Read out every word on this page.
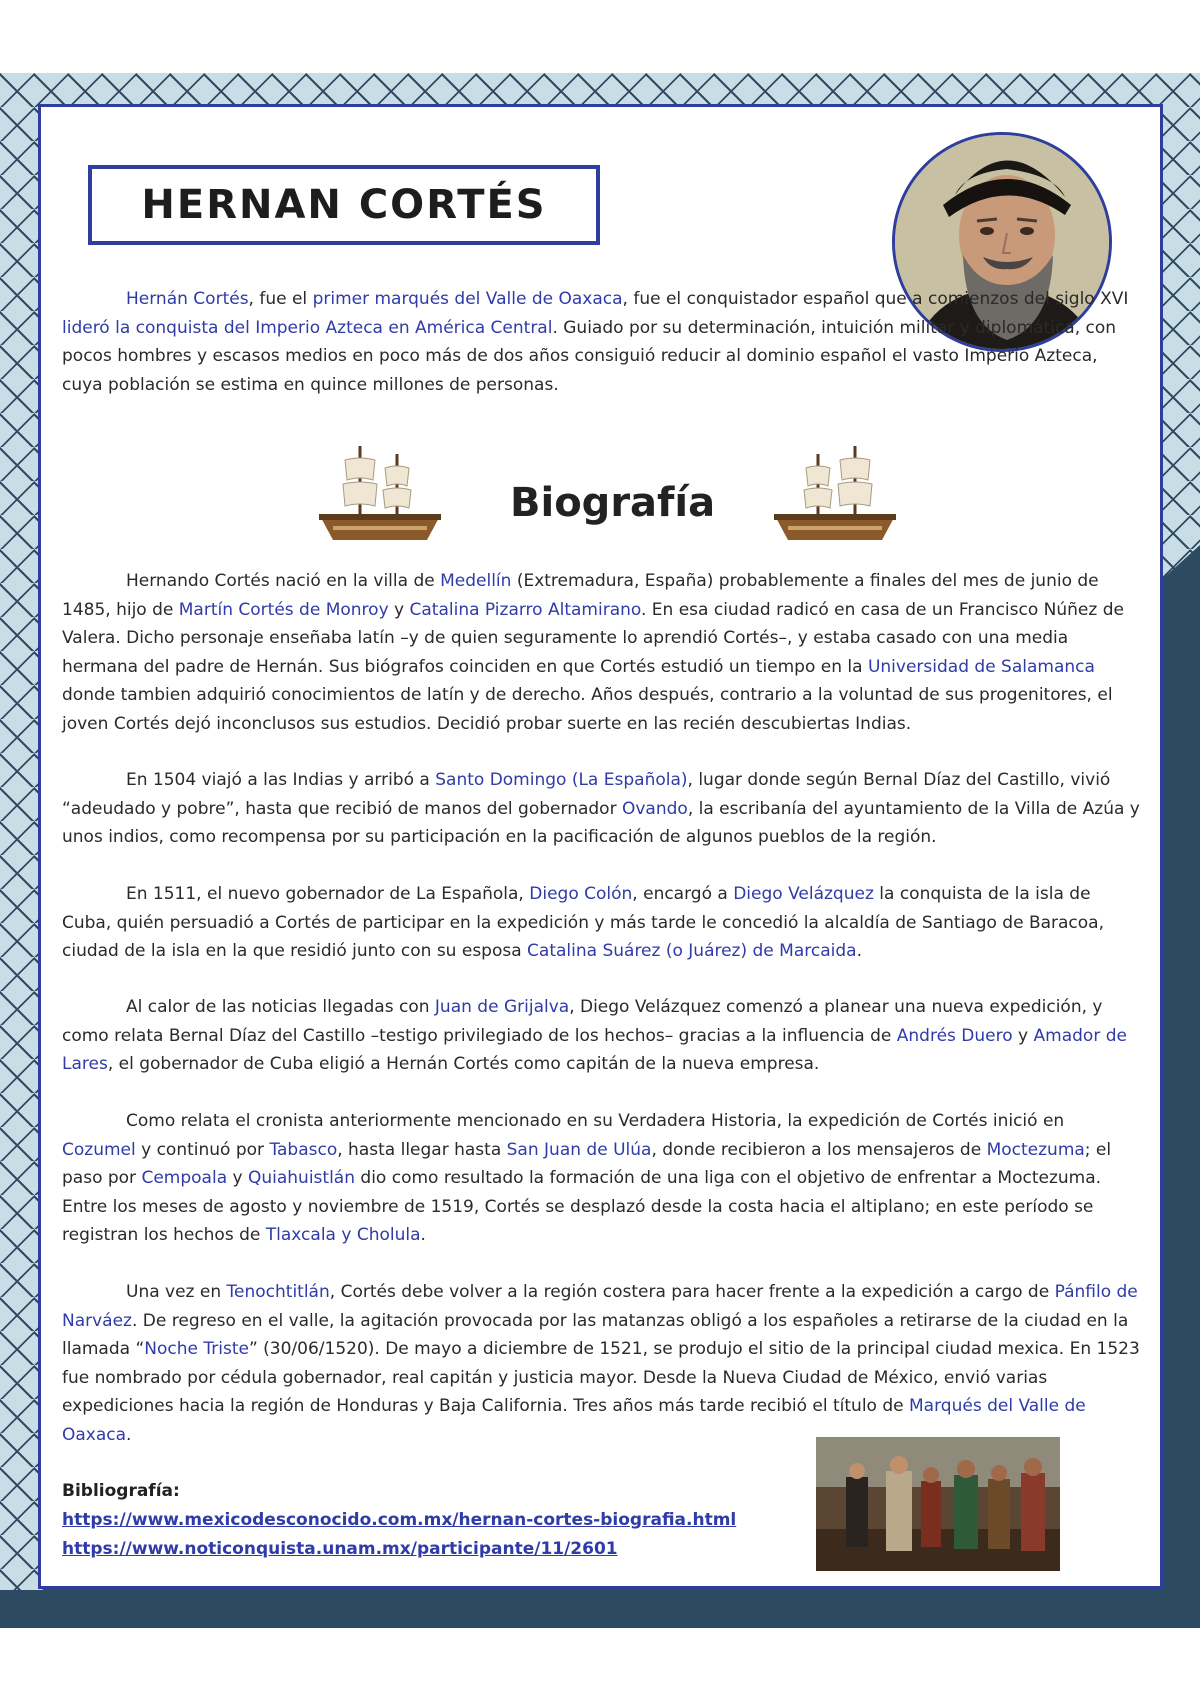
HERNAN CORTÉS

Hernán Cortés, fue el primer marqués del Valle de Oaxaca, fue el conquistador español que a comienzos del siglo XVI lideró la conquista del Imperio Azteca en América Central. Guiado por su determinación, intuición militar y diplomática, con pocos hombres y escasos medios en poco más de dos años consiguió reducir al dominio español el vasto Imperio Azteca, cuya población se estima en quince millones de personas.

Biografía

Hernando Cortés nació en la villa de Medellín (Extremadura, España) probablemente a finales del mes de junio de 1485, hijo de Martín Cortés de Monroy y Catalina Pizarro Altamirano. En esa ciudad radicó en casa de un Francisco Núñez de Valera. Dicho personaje enseñaba latín –y de quien seguramente lo aprendió Cortés–, y estaba casado con una media hermana del padre de Hernán. Sus biógrafos coinciden en que Cortés estudió un tiempo en la Universidad de Salamanca donde tambien adquirió conocimientos de latín y de derecho. Años después, contrario a la voluntad de sus progenitores, el joven Cortés dejó inconclusos sus estudios. Decidió probar suerte en las recién descubiertas Indias.

En 1504 viajó a las Indias y arribó a Santo Domingo (La Española), lugar donde según Bernal Díaz del Castillo, vivió “adeudado y pobre”, hasta que recibió de manos del gobernador Ovando, la escribanía del ayuntamiento de la Villa de Azúa y unos indios, como recompensa por su participación en la pacificación de algunos pueblos de la región.

En 1511, el nuevo gobernador de La Española, Diego Colón, encargó a Diego Velázquez la conquista de la isla de Cuba, quién persuadió a Cortés de participar en la expedición y más tarde le concedió la alcaldía de Santiago de Baracoa, ciudad de la isla en la que residió junto con su esposa Catalina Suárez (o Juárez) de Marcaida.

Al calor de las noticias llegadas con Juan de Grijalva, Diego Velázquez comenzó a planear una nueva expedición, y como relata Bernal Díaz del Castillo –testigo privilegiado de los hechos– gracias a la influencia de Andrés Duero y Amador de Lares, el gobernador de Cuba eligió a Hernán Cortés como capitán de la nueva empresa.

Como relata el cronista anteriormente mencionado en su Verdadera Historia, la expedición de Cortés inició en Cozumel y continuó por Tabasco, hasta llegar hasta San Juan de Ulúa, donde recibieron a los mensajeros de Moctezuma; el paso por Cempoala y Quiahuistlán dio como resultado la formación de una liga con el objetivo de enfrentar a Moctezuma. Entre los meses de agosto y noviembre de 1519, Cortés se desplazó desde la costa hacia el altiplano; en este período se registran los hechos de Tlaxcala y Cholula.

Una vez en Tenochtitlán, Cortés debe volver a la región costera para hacer frente a la expedición a cargo de Pánfilo de Narváez. De regreso en el valle, la agitación provocada por las matanzas obligó a los españoles a retirarse de la ciudad en la llamada “Noche Triste” (30/06/1520). De mayo a diciembre de 1521, se produjo el sitio de la principal ciudad mexica. En 1523 fue nombrado por cédula gobernador, real capitán y justicia mayor. Desde la Nueva Ciudad de México, envió varias expediciones hacia la región de Honduras y Baja California. Tres años más tarde recibió el título de Marqués del Valle de Oaxaca.

Bibliografía:
https://www.mexicodesconocido.com.mx/hernan-cortes-biografia.html
https://www.noticonquista.unam.mx/participante/11/2601
